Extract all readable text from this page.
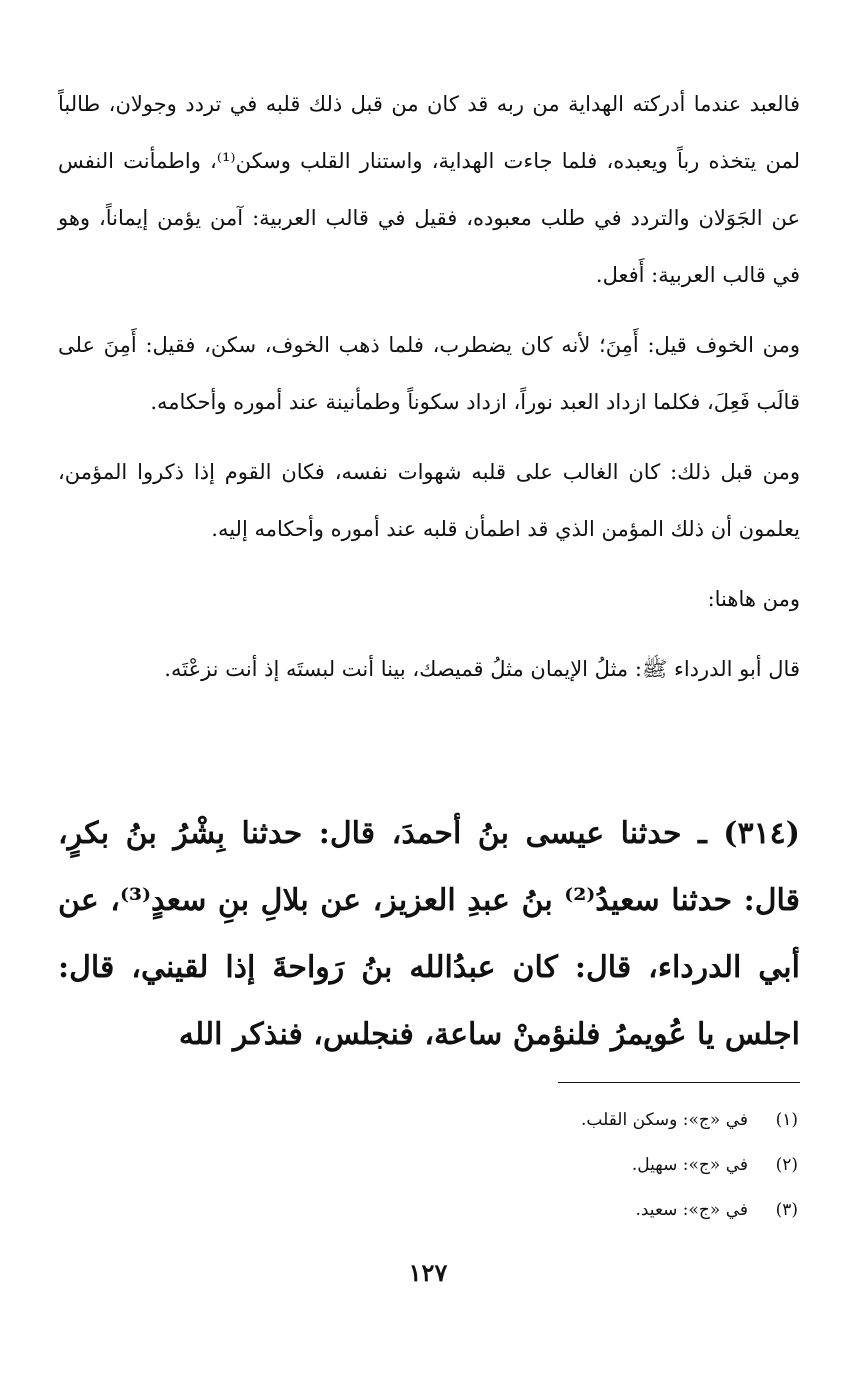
فالعبد عندما أدركته الهداية من ربه قد كان من قبل ذلك قلبه في تردد وجولان، طالباً لمن يتخذه رباً ويعبده، فلما جاءت الهداية، واستنار القلب وسكن⁽¹⁾، واطمأنت النفس عن الجَوَلان والتردد في طلب معبوده، فقيل في قالب العربية: آمن يؤمن إيماناً، وهو في قالب العربية: أَفعل.

ومن الخوف قيل: أَمِنَ؛ لأنه كان يضطرب، فلما ذهب الخوف، سكن، فقيل: أَمِنَ على قالَب فَعِلَ، فكلما ازداد العبد نوراً، ازداد سكوناً وطمأنينة عند أموره وأحكامه.

ومن قبل ذلك: كان الغالب على قلبه شهوات نفسه، فكان القوم إذا ذكروا المؤمن، يعلمون أن ذلك المؤمن الذي قد اطمأن قلبه عند أموره وأحكامه إليه.

ومن هاهنا:

قال أبو الدرداء ﷺ: مثلُ الإيمان مثلُ قميصك، بينا أنت لبستَه إذ أنت نزعْتَه.

(٣١٤) ـ حدثنا عيسى بنُ أحمدَ، قال: حدثنا بِشْرُ بنُ بكرٍ، قال: حدثنا سعيدُ⁽²⁾ بنُ عبدِ العزيز، عن بلالِ بنِ سعدٍ⁽³⁾، عن أبي الدرداء، قال: كان عبدُالله بنُ رَواحةَ إذا لقيني، قال: اجلس يا عُويمرُ فلنؤمنْ ساعة، فنجلس، فنذكر الله

(١)
في «ج»: وسكن القلب.
(٢)
في «ج»: سهيل.
(٣)
في «ج»: سعيد.
١٢٧
